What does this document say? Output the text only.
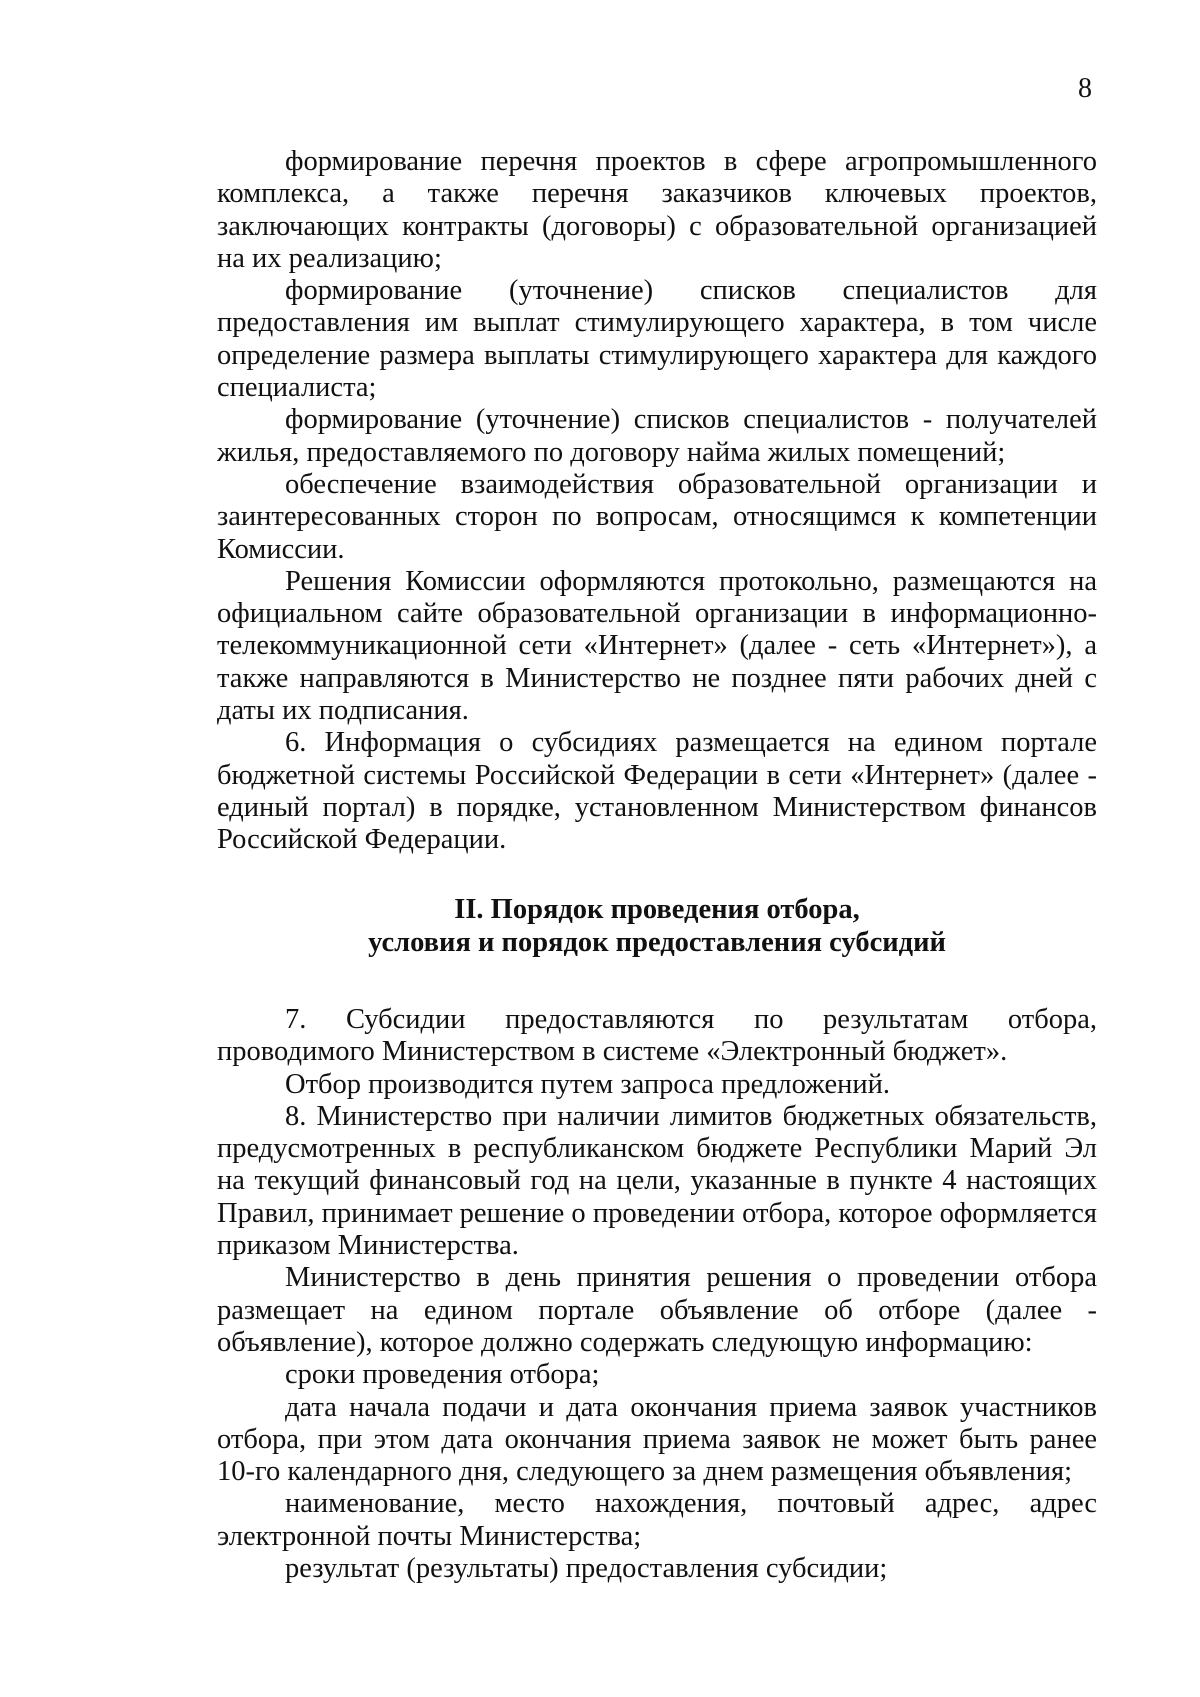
8

формирование перечня проектов в сфере агропромышленного комплекса, а также перечня заказчиков ключевых проектов, заключающих контракты (договоры) с образовательной организацией на их реализацию;

формирование (уточнение) списков специалистов для предоставления им выплат стимулирующего характера, в том числе определение размера выплаты стимулирующего характера для каждого специалиста;

формирование (уточнение) списков специалистов - получателей жилья, предоставляемого по договору найма жилых помещений;

обеспечение взаимодействия образовательной организации и заинтересованных сторон по вопросам, относящимся к компетенции Комиссии.

Решения Комиссии оформляются протокольно, размещаются на официальном сайте образовательной организации в информационно-телекоммуникационной сети «Интернет» (далее - сеть «Интернет»), а также направляются в Министерство не позднее пяти рабочих дней с даты их подписания.

6. Информация о субсидиях размещается на едином портале бюджетной системы Российской Федерации в сети «Интернет» (далее - единый портал) в порядке, установленном Министерством финансов Российской Федерации.

II. Порядок проведения отбора,
условия и порядок предоставления субсидий

7. Субсидии предоставляются по результатам отбора, проводимого Министерством в системе «Электронный бюджет».

Отбор производится путем запроса предложений.

8. Министерство при наличии лимитов бюджетных обязательств, предусмотренных в республиканском бюджете Республики Марий Эл на текущий финансовый год на цели, указанные в пункте 4 настоящих Правил, принимает решение о проведении отбора, которое оформляется приказом Министерства.

Министерство в день принятия решения о проведении отбора размещает на едином портале объявление об отборе (далее - объявление), которое должно содержать следующую информацию:

сроки проведения отбора;

дата начала подачи и дата окончания приема заявок участников отбора, при этом дата окончания приема заявок не может быть ранее 10-го календарного дня, следующего за днем размещения объявления;

наименование, место нахождения, почтовый адрес, адрес электронной почты Министерства;

результат (результаты) предоставления субсидии;
